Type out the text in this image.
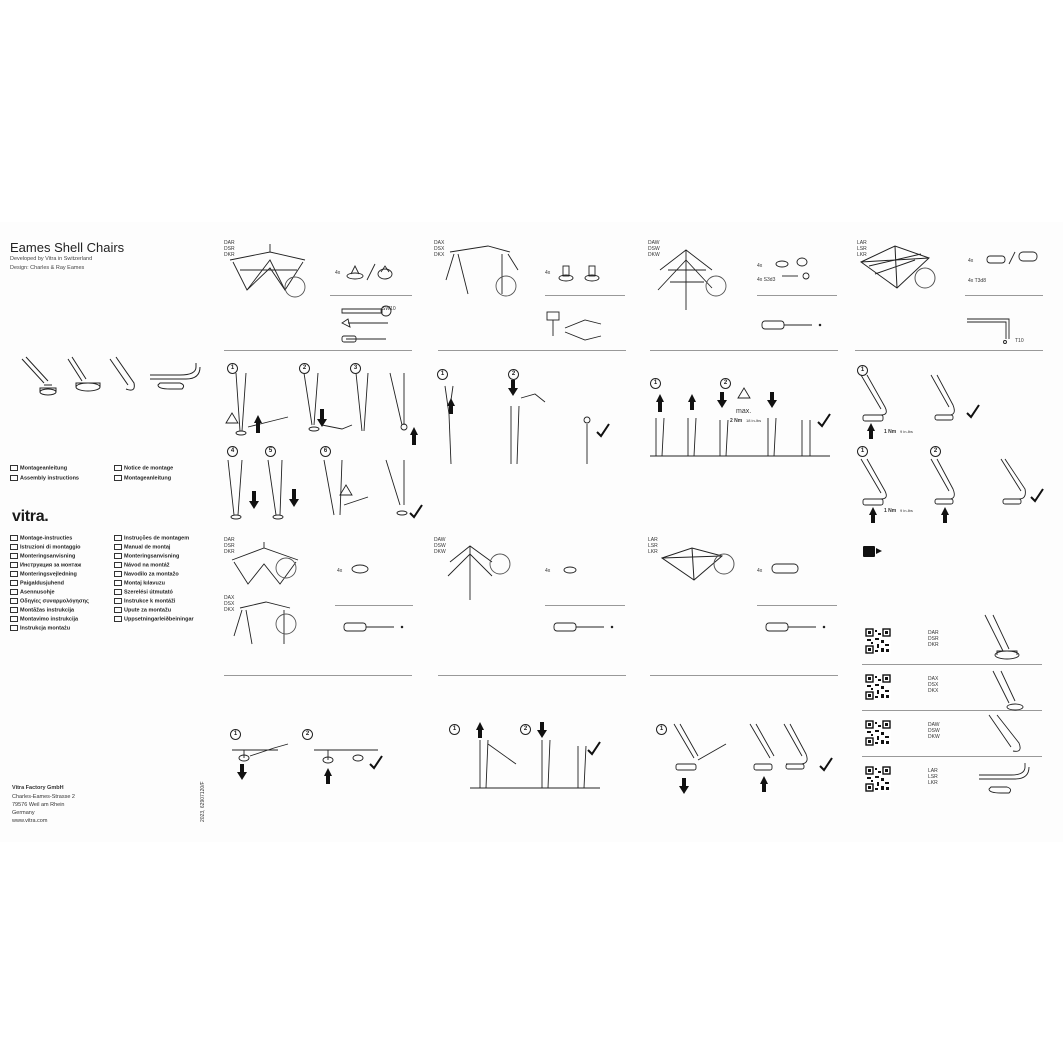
Eames Shell Chairs
Developed by Vitra in Switzerland
Design: Charles & Ray Eames
Montageanleitung
Assembly instructions
Notice de montage
Montageanleitung
vitra.
Montage-instructies
Istruzioni di montaggio
Monteringsanvisning
Инструкция за монтаж
Monteringsvejledning
Paigaldusjuhend
Asennusohje
Οδηγίες συναρμολόγησης
Montāžas instrukcija
Montavimo instrukcija
Instrukcja montażu
Instruções de montagem
Manual de montaj
Monteringsanvisning
Návod na montáž
Navodilo za montažo
Montaj kılavuzu
Szerelési útmutató
Instrukce k montáži
Upute za montažu
Uppsetningarleiðbeiningar
Vitra Factory GmbH
Charles-Eames-Strasse 2
79576 Weil am Rhein
Germany
www.vitra.com	2023, 62907120/F
DAR
DSR
DKR
4x
SW10
DAX
DSX
DKX
4x
DAW
DSW
DKW
4x
4x S3d3
LAR
LSR
LKR
4x
4x T3d8
T10
1	2	3
4	5	6
1	2
1	2
max.
2 Nm 18 in-lbs
1
1	2
1 Nm 9 in-lbs
1 Nm 9 in-lbs
DAR
DSR
DKR
DAX
DSX
DKX
4x
DAW
DSW
DKW
4x
LAR
LSR
LKR
4x
DAR
DSR
DKR
DAX
DSX
DKX
DAW
DSW
DKW
LAR
LSR
LKR
1	2
1	2	1
